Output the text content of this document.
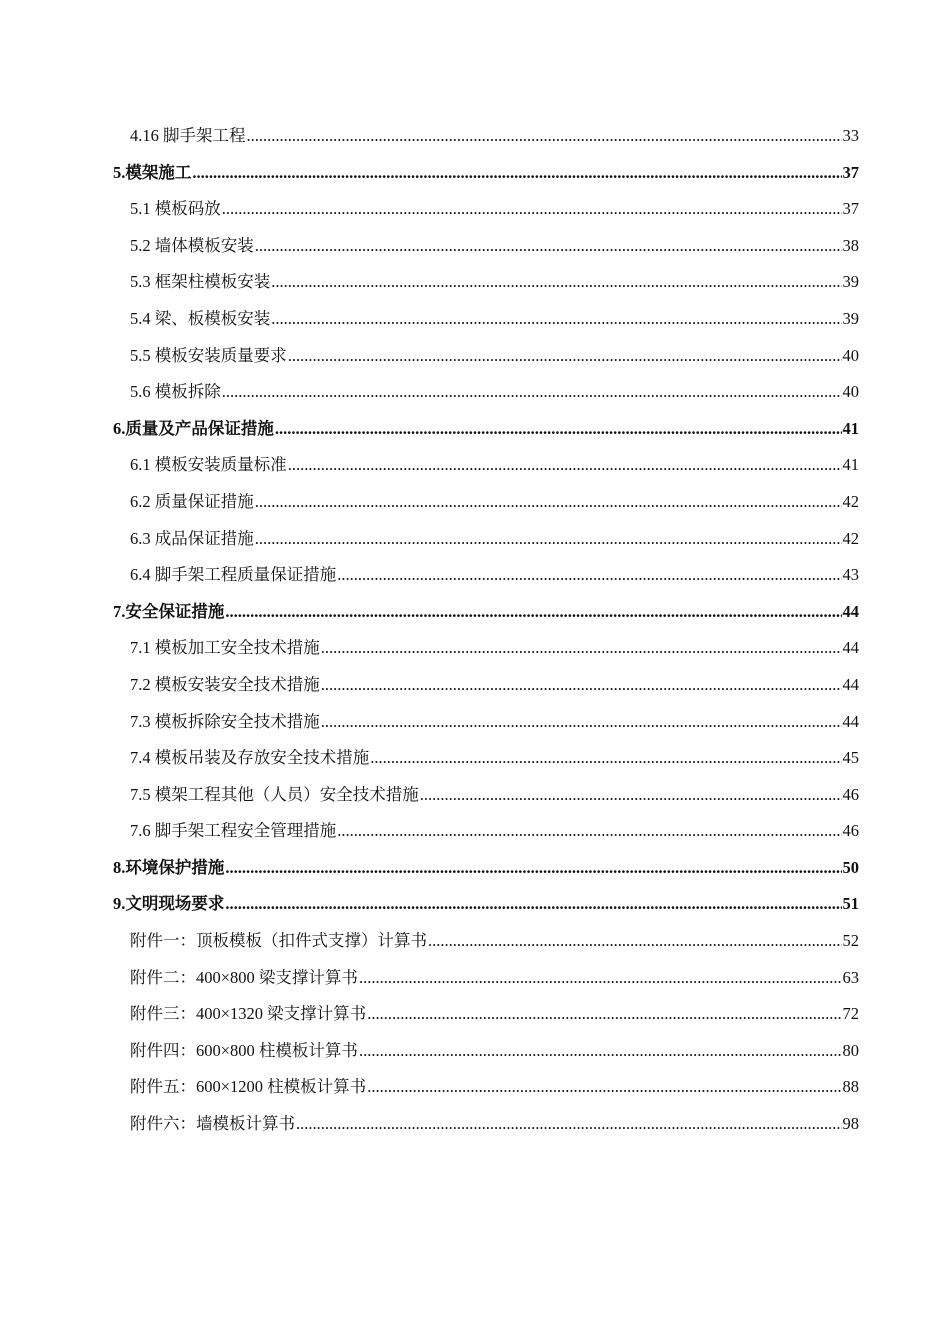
4.16 脚手架工程 .....	33
5.模架施工 .....	37
5.1 模板码放 .....	37
5.2 墙体模板安装 .....	38
5.3 框架柱模板安装 .....	39
5.4 梁、板模板安装 .....	39
5.5 模板安装质量要求 .....	40
5.6 模板拆除 .....	40
6.质量及产品保证措施 .....	41
6.1 模板安装质量标准 .....	41
6.2 质量保证措施 .....	42
6.3 成品保证措施 .....	42
6.4 脚手架工程质量保证措施 .....	43
7.安全保证措施 .....	44
7.1 模板加工安全技术措施 .....	44
7.2 模板安装安全技术措施 .....	44
7.3 模板拆除安全技术措施 .....	44
7.4 模板吊装及存放安全技术措施 .....	45
7.5 模架工程其他（人员）安全技术措施 .....	46
7.6 脚手架工程安全管理措施 .....	46
8.环境保护措施 .....	50
9.文明现场要求 .....	51
附件一：顶板模板（扣件式支撑）计算书 .....	52
附件二：400×800 梁支撑计算书 .....	63
附件三：400×1320 梁支撑计算书 .....	72
附件四：600×800 柱模板计算书 .....	80
附件五：600×1200 柱模板计算书 .....	88
附件六：墙模板计算书 .....	98
